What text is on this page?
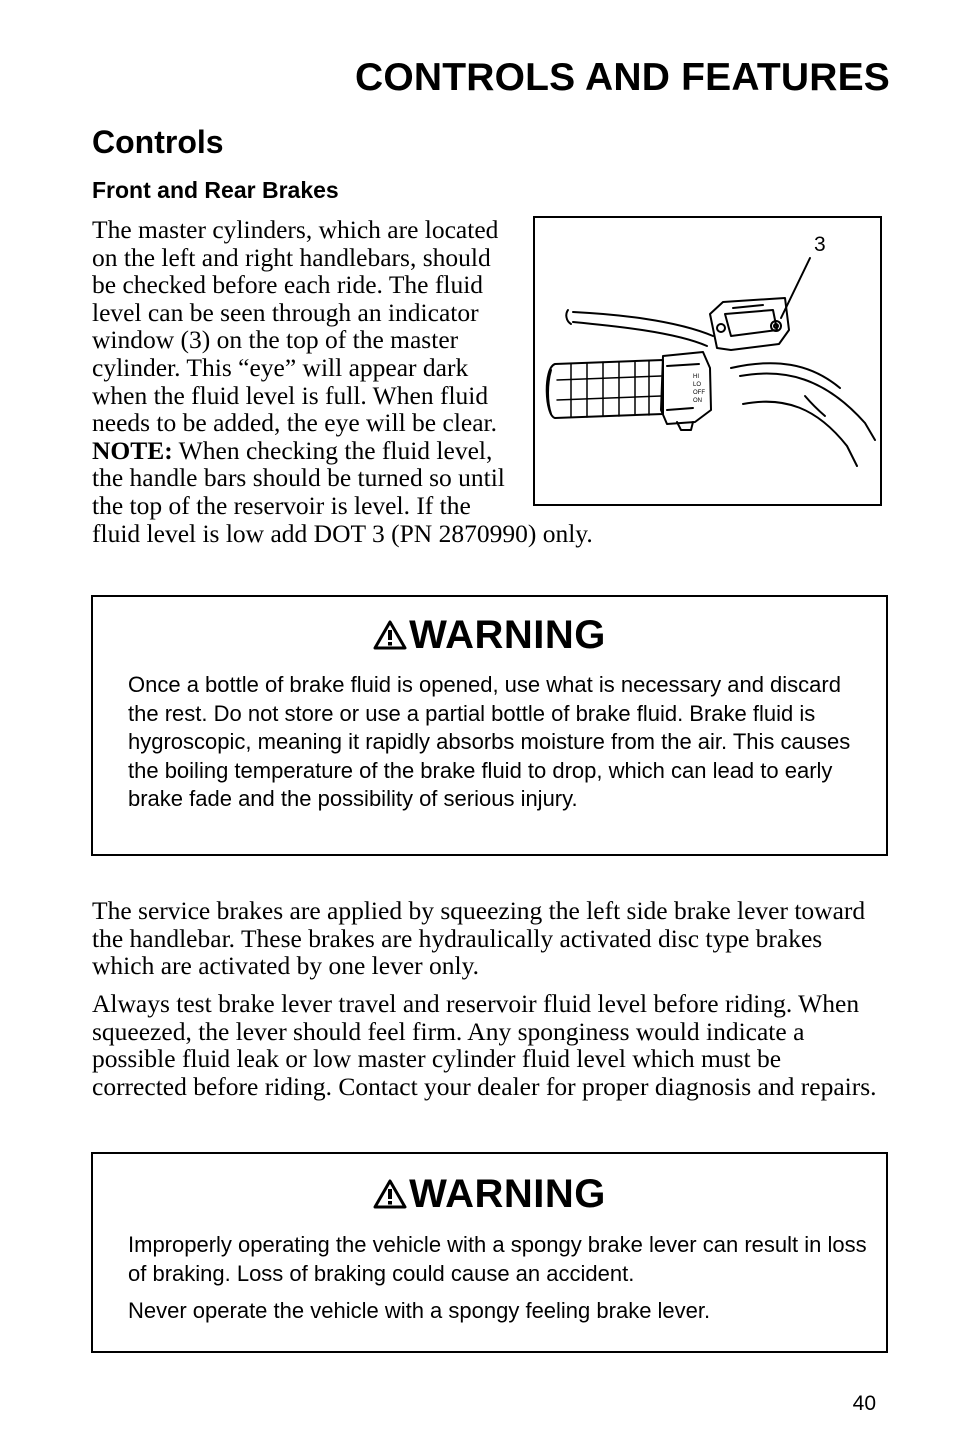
CONTROLS AND FEATURES
Controls
Front and Rear Brakes
HI
LO
OFF
ON
3

The master cylinders, which are located on the left and right handlebars, should be checked before each ride. The fluid level can be seen through an indicator window (3) on the top of the master cylinder. This “eye” will appear dark when the fluid level is full. When fluid needs to be added, the eye will be clear. NOTE: When checking the fluid level, the handle bars should be turned so until the top of the reservoir is level. If the fluid level is low add DOT 3 (PN 2870990) only.

WARNING

Once a bottle of brake fluid is opened, use what is necessary and discard the rest. Do not store or use a partial bottle of brake fluid. Brake fluid is hygroscopic, meaning it rapidly absorbs moisture from the air. This causes the boiling temperature of the brake fluid to drop, which can lead to early brake fade and the possibility of serious injury.

The service brakes are applied by squeezing the left side brake lever toward the handlebar. These brakes are hydraulically activated disc type brakes which are activated by one lever only.

Always test brake lever travel and reservoir fluid level before riding. When squeezed, the lever should feel firm. Any sponginess would indicate a possible fluid leak or low master cylinder fluid level which must be corrected before riding. Contact your dealer for proper diagnosis and repairs.

WARNING

Improperly operating the vehicle with a spongy brake lever can result in loss of braking. Loss of braking could cause an accident.

Never operate the vehicle with a spongy feeling brake lever.

40
